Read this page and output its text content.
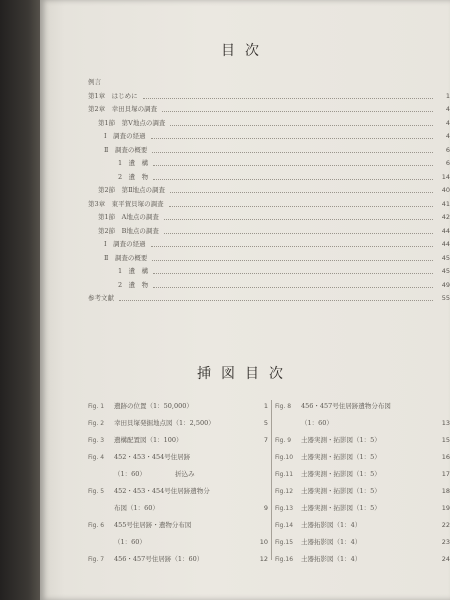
目次
例言
第1章　はじめに	1
第2章　幸田貝塚の調査	4
第1節　第Ⅴ地点の調査	4
Ⅰ　調査の経過	4
Ⅱ　調査の概要	6
1　遺　構	6
2　遺　物	14
第2節　第Ⅱ地点の調査	40
第3章　東平賀貝塚の調査	41
第1節　A地点の調査	42
第2節　B地点の調査	44
Ⅰ　調査の経過	44
Ⅱ　調査の概要	45
1　遺　構	45
2　遺　物	49
参考文献	55
挿図目次
Fig. 1	遺跡の位置（1：50,000）	1
Fig. 2	幸田貝塚発掘地点図（1：2,500）	5
Fig. 3	遺構配置図（1：100）	7
Fig. 4	452・453・454号住居跡
（1：60）　　　　　折込み
Fig. 5	452・453・454号住居跡遺物分
布図（1：60）	9
Fig. 6	455号住居跡・遺物分布図
（1：60）	10
Fig. 7	456・457号住居跡（1：60）	12
Fig. 8	456・457号住居跡遺物分布図
（1：60）	13
Fig. 9	土器実測・拓影図（1：5）	15
Fig.10	土器実測・拓影図（1：5）	16
Fig.11	土器実測・拓影図（1：5）	17
Fig.12	土器実測・拓影図（1：5）	18
Fig.13	土器実測・拓影図（1：5）	19
Fig.14	土器拓影図（1：4）	22
Fig.15	土器拓影図（1：4）	23
Fig.16	土器拓影図（1：4）	24
